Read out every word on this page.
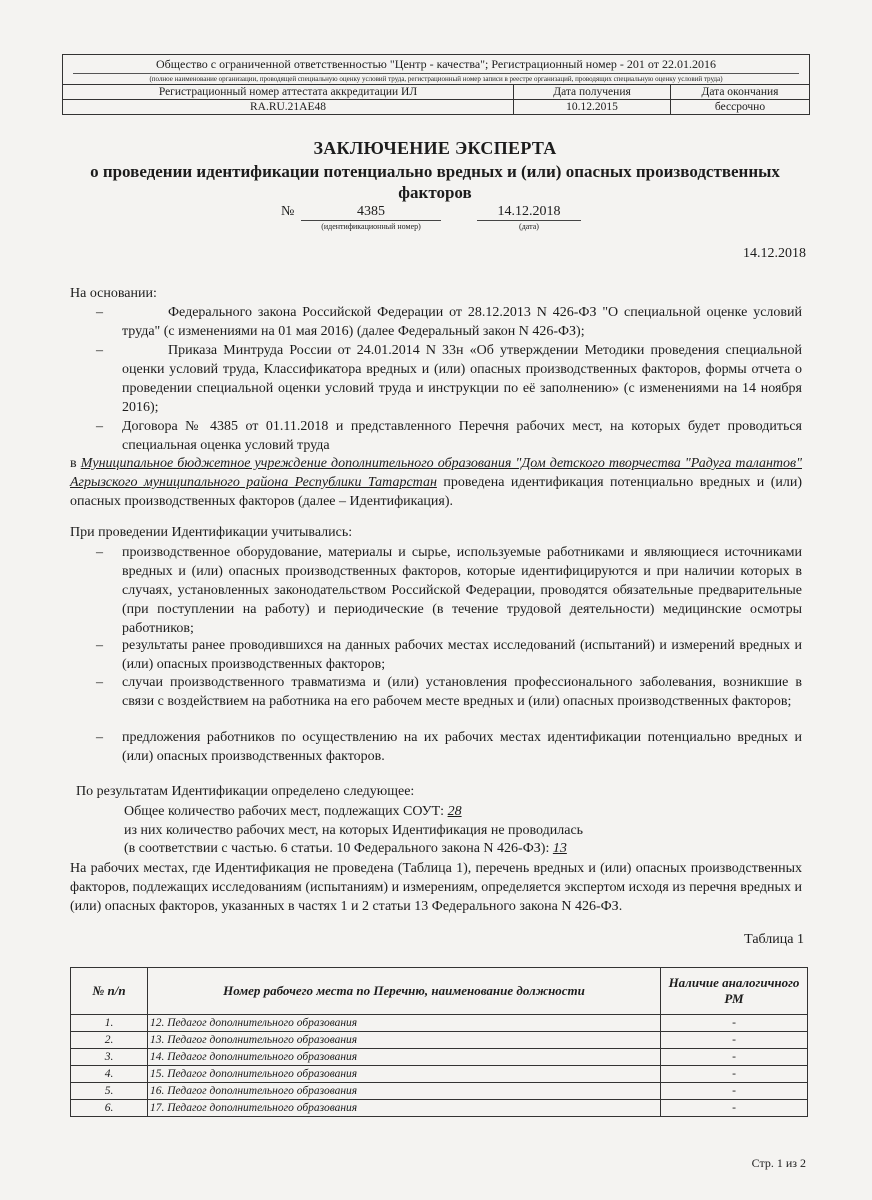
Общество с ограниченной ответственностью "Центр - качества"; Регистрационный номер - 201 от 22.01.2016
(полное наименование организации, проводящей специальную оценку условий труда, регистрационный номер записи в реестре организаций, проводящих специальную оценку условий труда)
Регистрационный номер аттестата аккредитации ИЛ	Дата получения	Дата окончания
RA.RU.21AE48	10.12.2015	бессрочно
ЗАКЛЮЧЕНИЕ ЭКСПЕРТА
о проведении идентификации потенциально вредных и (или) опасных производственных факторов
№	4385	14.12.2018
(идентификационный номер)	(дата)
14.12.2018
На основании:
–	Федерального закона Российской Федерации от 28.12.2013 N 426-ФЗ "О специальной оценке условий труда" (с изменениями на 01 мая 2016) (далее Федеральный закон N 426-ФЗ);
–	Приказа Минтруда России от 24.01.2014 N 33н «Об утверждении Методики проведения специальной оценки условий труда, Классификатора вредных и (или) опасных производственных факторов, формы отчета о проведении специальной оценки условий труда и инструкции по её заполнению» (с изменениями на 14 ноября 2016);
– Договора № 4385 от 01.11.2018 и представленного Перечня рабочих мест, на которых будет проводиться специальная оценка условий труда
в Муниципальное бюджетное учреждение дополнительного образования "Дом детского творчества "Радуга талантов" Агрызского муниципального района Республики Татарстан проведена идентификация потенциально вредных и (или) опасных производственных факторов (далее – Идентификация).
При проведении Идентификации учитывались:
– производственное оборудование, материалы и сырье, используемые работниками и являющиеся источниками вредных и (или) опасных производственных факторов, которые идентифицируются и при наличии которых в случаях, установленных законодательством Российской Федерации, проводятся обязательные предварительные (при поступлении на работу) и периодические (в течение трудовой деятельности) медицинские осмотры работников;
– результаты ранее проводившихся на данных рабочих местах исследований (испытаний) и измерений вредных и (или) опасных производственных факторов;
– случаи производственного травматизма и (или) установления профессионального заболевания, возникшие в связи с воздействием на работника на его рабочем месте вредных и (или) опасных производственных факторов;
– предложения работников по осуществлению на их рабочих местах идентификации потенциально вредных и (или) опасных производственных факторов.
По результатам Идентификации определено следующее:
Общее количество рабочих мест, подлежащих СОУТ: 28
из них количество рабочих мест, на которых Идентификация не проводилась
(в соответствии с частью. 6 статьи. 10 Федерального закона N 426-ФЗ): 13
На рабочих местах, где Идентификация не проведена (Таблица 1), перечень вредных и (или) опасных производственных факторов, подлежащих исследованиям (испытаниям) и измерениям, определяется экспертом исходя из перечня вредных и (или) опасных факторов, указанных в частях 1 и 2 статьи 13 Федерального закона N 426-ФЗ.
Таблица 1
№ п/п	Номер рабочего места по Перечню, наименование должности	Наличие аналогичного РМ
1.	12. Педагог дополнительного образования	-
2.	13. Педагог дополнительного образования	-
3.	14. Педагог дополнительного образования	-
4.	15. Педагог дополнительного образования	-
5.	16. Педагог дополнительного образования	-
6.	17. Педагог дополнительного образования	-
Стр. 1 из 2
